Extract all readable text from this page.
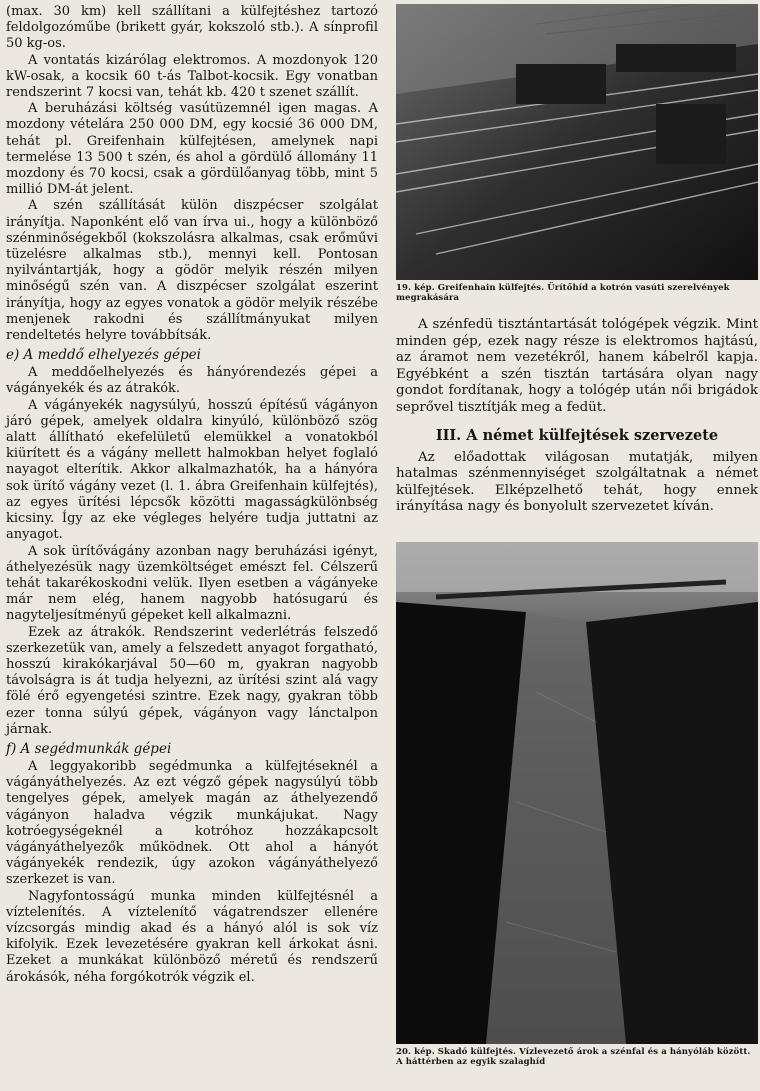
(max. 30 km) kell szállítani a külfejtéshez tartozó feldolgozóműbe (brikett gyár, kokszoló stb.). A sínprofil 50 kg-os.

A vontatás kizárólag elektromos. A mozdonyok 120 kW-osak, a kocsik 60 t-ás Talbot-kocsik. Egy vonatban rendszerint 7 kocsi van, tehát kb. 420 t szenet szállít.

A beruházási költség vasútüzemnél igen magas. A mozdony vételára 250 000 DM, egy kocsié 36 000 DM, tehát pl. Greifenhain külfejtésen, amelynek napi termelése 13 500 t szén, és ahol a gördülő állomány 11 mozdony és 70 kocsi, csak a gördülőanyag több, mint 5 millió DM-át jelent.

A szén szállítását külön diszpécser szolgálat irányítja. Naponként elő van írva ui., hogy a különböző szénminőségekből (kokszolásra alkalmas, csak erőművi tüzelésre alkalmas stb.), mennyi kell. Pontosan nyilvántartják, hogy a gödör melyik részén milyen minőségű szén van. A diszpécser szolgálat eszerint irányítja, hogy az egyes vonatok a gödör melyik részébe menjenek rakodni és szállítmányukat milyen rendeltetés helyre továbbítsák.

e) A meddő elhelyezés gépei

A meddőelhelyezés és hányórendezés gépei a vágányekék és az átrakók.

A vágányekék nagysúlyú, hosszú építésű vágányon járó gépek, amelyek oldalra kinyúló, különböző szög alatt állítható ekefelületű elemükkel a vonatokból kiürített és a vágány mellett halmokban helyet foglaló nayagot elterítik. Akkor alkalmazhatók, ha a hányóra sok ürítő vágány vezet (l. 1. ábra Greifenhain külfejtés), az egyes ürítési lépcsők közötti magasságkülönbség kicsiny. Így az eke végleges helyére tudja juttatni az anyagot.

A sok ürítővágány azonban nagy beruházási igényt, áthelyezésük nagy üzemköltséget emészt fel. Célszerű tehát takarékoskodni velük. Ilyen esetben a vágányeke már nem elég, hanem nagyobb hatósugarú és nagyteljesítményű gépeket kell alkalmazni.

Ezek az átrakók. Rendszerint vederlétrás felszedő szerkezetük van, amely a felszedett anyagot forgatható, hosszú kirakókarjával 50—60 m, gyakran nagyobb távolságra is át tudja helyezni, az ürítési szint alá vagy fölé érő egyengetési szintre. Ezek nagy, gyakran több ezer tonna súlyú gépek, vágányon vagy lánctalpon járnak.

f) A segédmunkák gépei

A leggyakoribb segédmunka a külfejtéseknél a vágányáthelyezés. Az ezt végző gépek nagysúlyú több tengelyes gépek, amelyek magán az áthelyezendő vágányon haladva végzik munkájukat. Nagy kotróegységeknél a kotróhoz hozzákapcsolt vágányáthelyezők működnek. Ott ahol a hányót vágányekék rendezik, úgy azokon vágányáthelyező szerkezet is van.

Nagyfontosságú munka minden külfejtésnél a víztelenítés. A víztelenítő vágatrendszer ellenére vízcsorgás mindig akad és a hányó alól is sok víz kifolyik. Ezek levezetésére gyakran kell árkokat ásni. Ezeket a munkákat különböző méretű és rendszerű árokásók, néha forgókotrók végzik el.

19. kép. Greifenhain külfejtés. Ürítőhíd a kotrón vasúti szerelvények megrakására

A szénfedü tisztántartását tológépek végzik. Mint minden gép, ezek nagy része is elektromos hajtású, az áramot nem vezetékről, hanem kábelről kapja. Egyébként a szén tisztán tartására olyan nagy gondot fordítanak, hogy a tológép után női brigádok seprővel tisztítják meg a fedüt.

III. A német külfejtések szervezete

Az előadottak világosan mutatják, milyen hatalmas szénmennyiséget szolgáltatnak a német külfejtések. Elképzelhető tehát, hogy ennek irányítása nagy és bonyolult szervezetet kíván.

20. kép. Skadó külfejtés. Vízlevezető árok a szénfal és a hányóláb között. A háttérben az egyik szalaghíd
